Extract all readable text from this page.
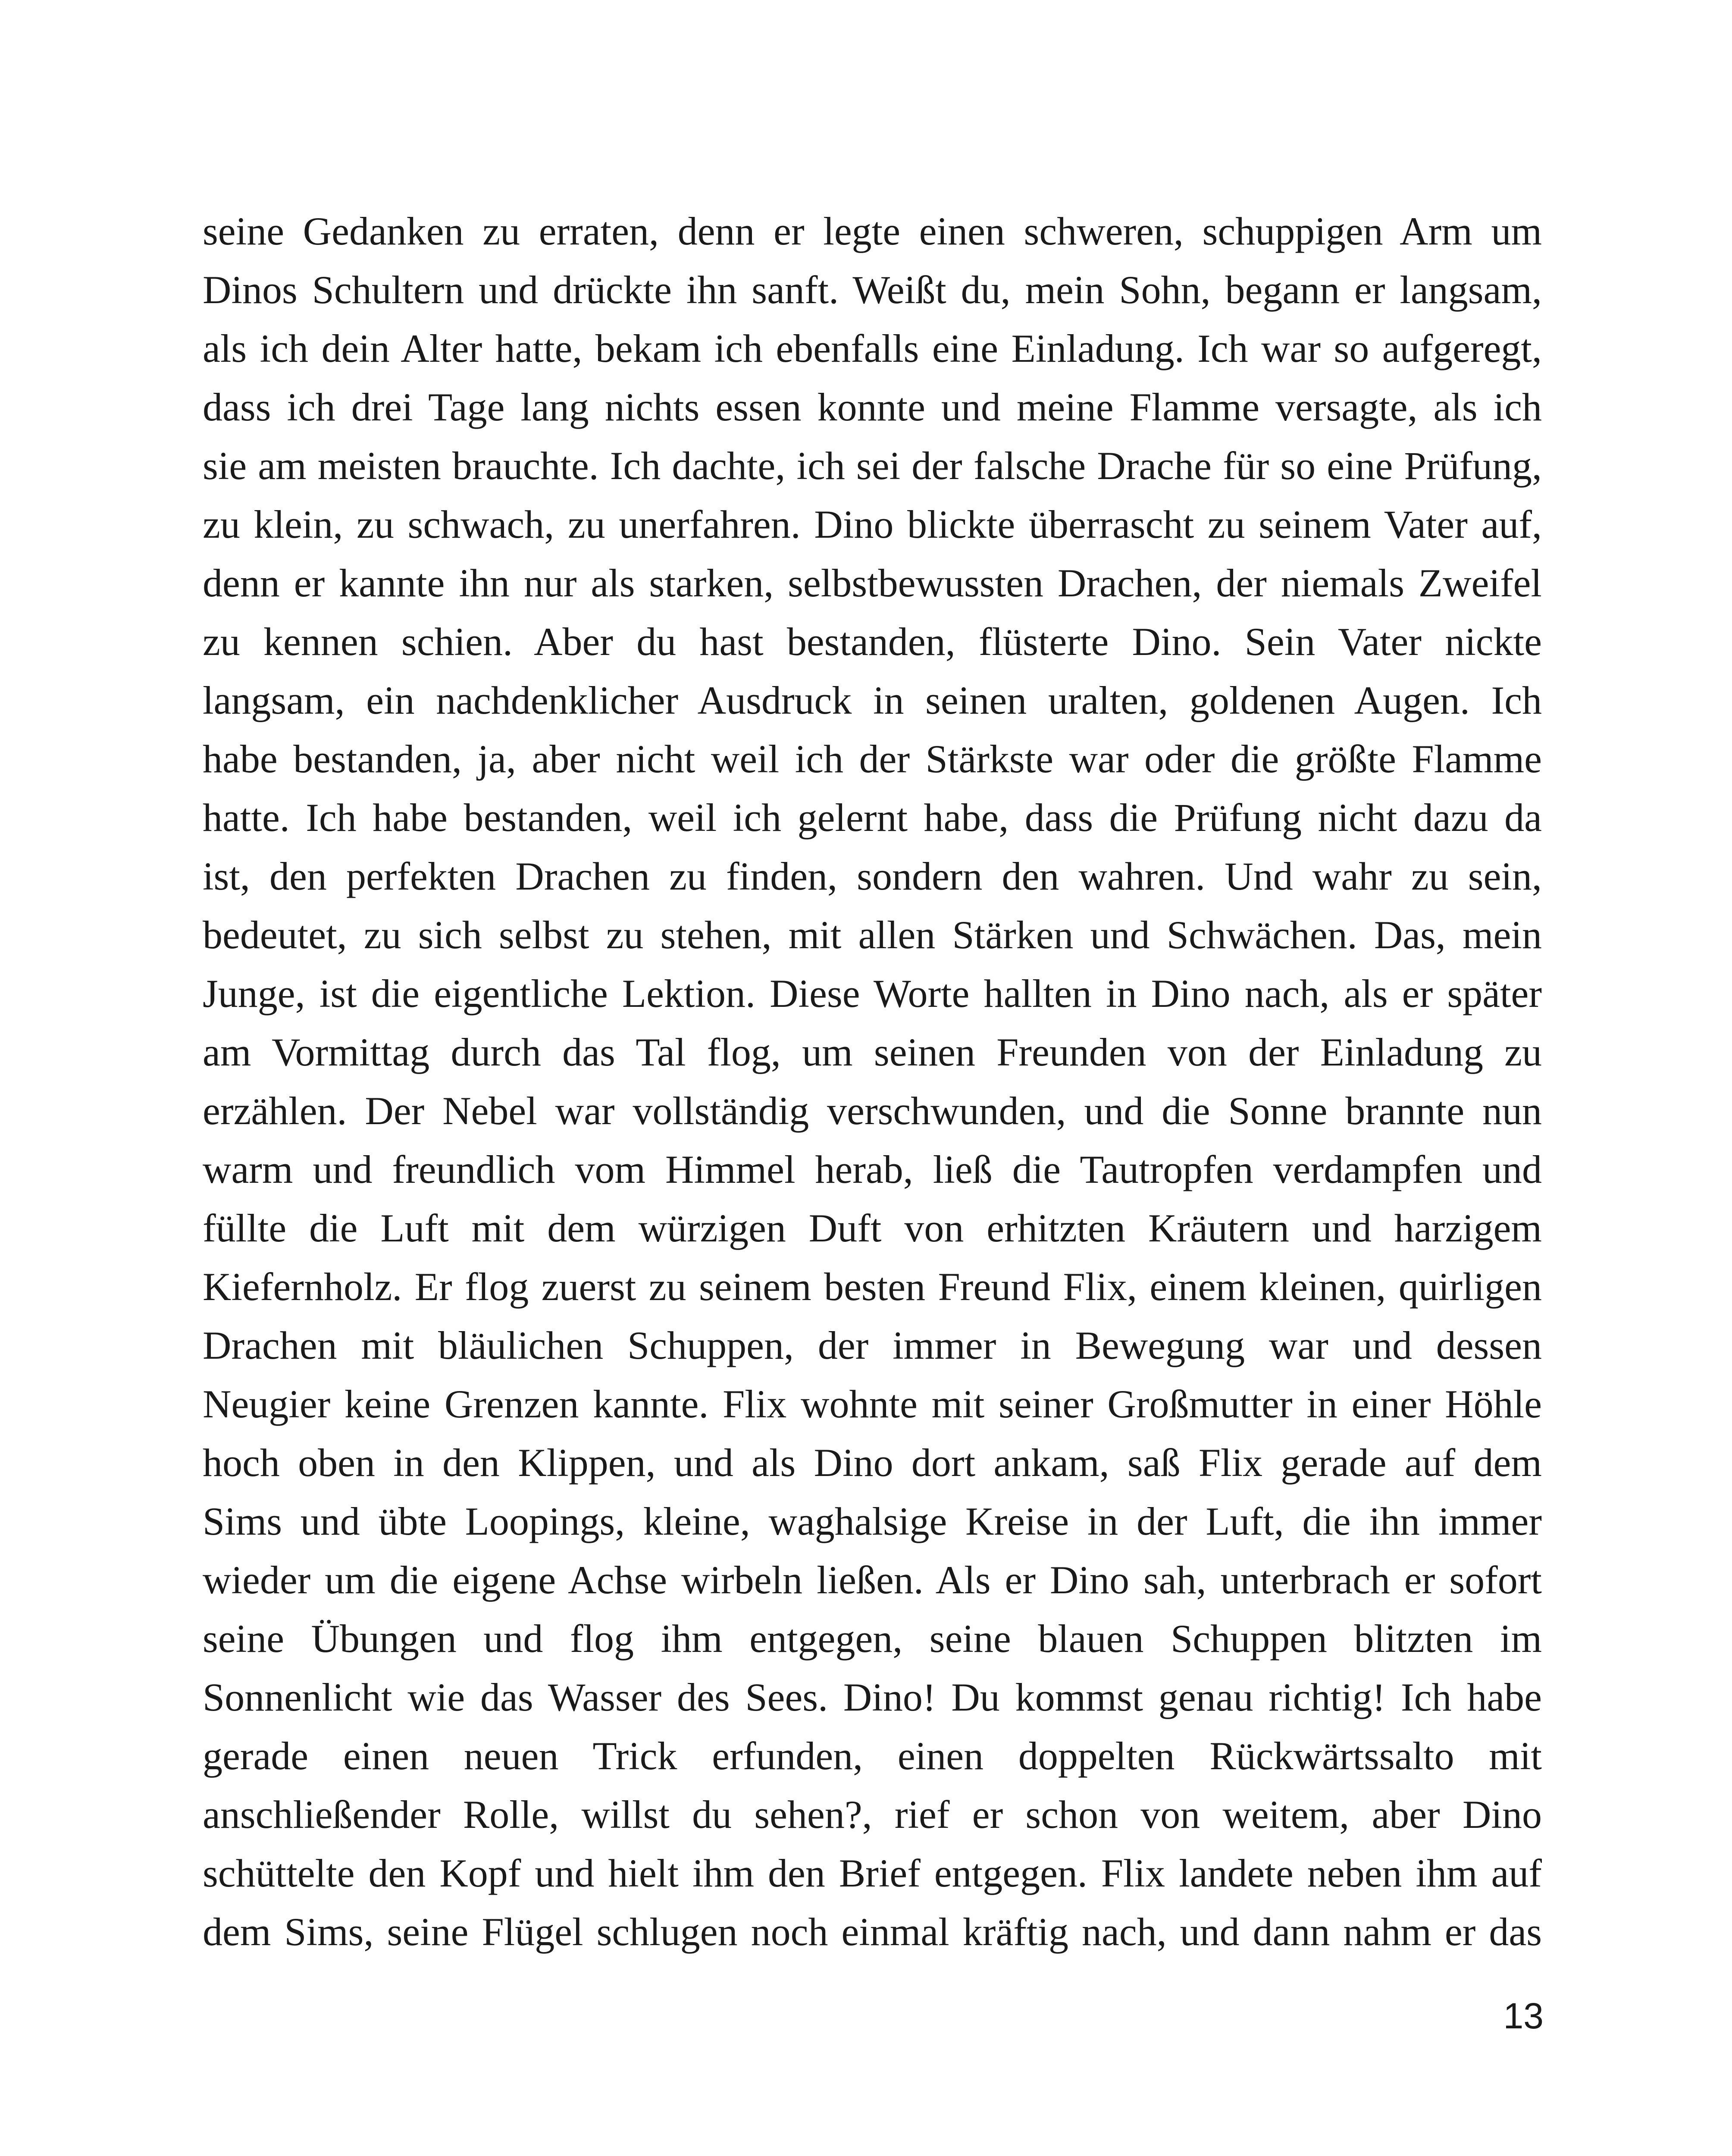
seine Gedanken zu erraten, denn er legte einen schweren, schuppigen Arm um
Dinos Schultern und drückte ihn sanft. Weißt du, mein Sohn, begann er langsam,
als ich dein Alter hatte, bekam ich ebenfalls eine Einladung. Ich war so aufgeregt,
dass ich drei Tage lang nichts essen konnte und meine Flamme versagte, als ich
sie am meisten brauchte. Ich dachte, ich sei der falsche Drache für so eine Prüfung,
zu klein, zu schwach, zu unerfahren. Dino blickte überrascht zu seinem Vater auf,
denn er kannte ihn nur als starken, selbstbewussten Drachen, der niemals Zweifel
zu kennen schien. Aber du hast bestanden, flüsterte Dino. Sein Vater nickte
langsam, ein nachdenklicher Ausdruck in seinen uralten, goldenen Augen. Ich
habe bestanden, ja, aber nicht weil ich der Stärkste war oder die größte Flamme
hatte. Ich habe bestanden, weil ich gelernt habe, dass die Prüfung nicht dazu da
ist, den perfekten Drachen zu finden, sondern den wahren. Und wahr zu sein,
bedeutet, zu sich selbst zu stehen, mit allen Stärken und Schwächen. Das, mein
Junge, ist die eigentliche Lektion. Diese Worte hallten in Dino nach, als er später
am Vormittag durch das Tal flog, um seinen Freunden von der Einladung zu
erzählen. Der Nebel war vollständig verschwunden, und die Sonne brannte nun
warm und freundlich vom Himmel herab, ließ die Tautropfen verdampfen und
füllte die Luft mit dem würzigen Duft von erhitzten Kräutern und harzigem
Kiefernholz. Er flog zuerst zu seinem besten Freund Flix, einem kleinen, quirligen
Drachen mit bläulichen Schuppen, der immer in Bewegung war und dessen
Neugier keine Grenzen kannte. Flix wohnte mit seiner Großmutter in einer Höhle
hoch oben in den Klippen, und als Dino dort ankam, saß Flix gerade auf dem
Sims und übte Loopings, kleine, waghalsige Kreise in der Luft, die ihn immer
wieder um die eigene Achse wirbeln ließen. Als er Dino sah, unterbrach er sofort
seine Übungen und flog ihm entgegen, seine blauen Schuppen blitzten im
Sonnenlicht wie das Wasser des Sees. Dino! Du kommst genau richtig! Ich habe
gerade einen neuen Trick erfunden, einen doppelten Rückwärtssalto mit
anschließender Rolle, willst du sehen?, rief er schon von weitem, aber Dino
schüttelte den Kopf und hielt ihm den Brief entgegen. Flix landete neben ihm auf
dem Sims, seine Flügel schlugen noch einmal kräftig nach, und dann nahm er das
13
